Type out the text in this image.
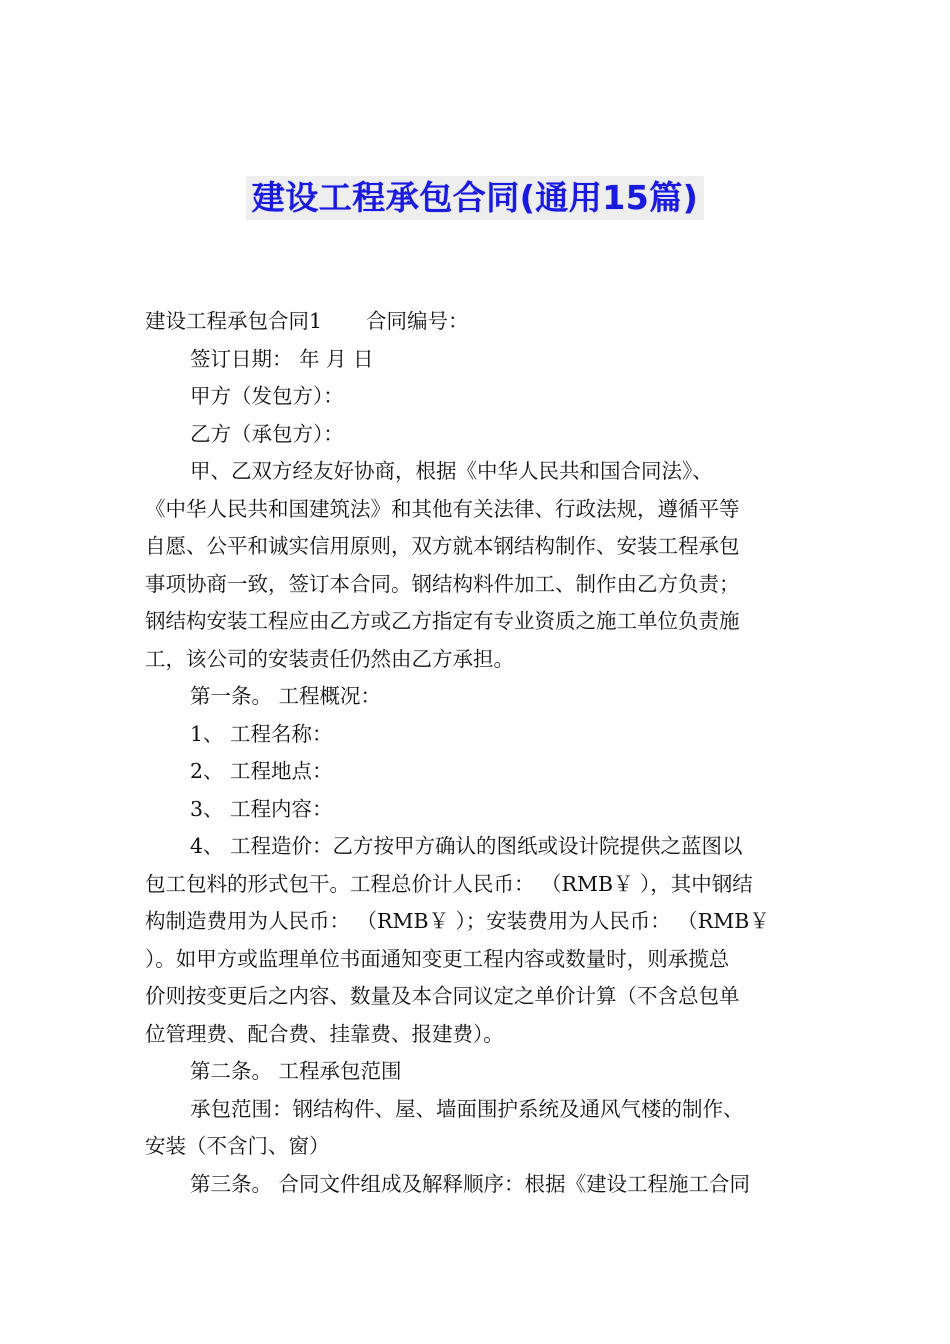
建设工程承包合同(通用15篇)
建设工程承包合同1 合同编号：
签订日期： 年 月 日
甲方（发包方）：
乙方（承包方）：
甲、乙双方经友好协商，根据《中华人民共和国合同法》、
《中华人民共和国建筑法》和其他有关法律、行政法规，遵循平等
自愿、公平和诚实信用原则，双方就本钢结构制作、安装工程承包
事项协商一致，签订本合同。钢结构料件加工、制作由乙方负责；
钢结构安装工程应由乙方或乙方指定有专业资质之施工单位负责施
工，该公司的安装责任仍然由乙方承担。
第一条。 工程概况：
1、 工程名称：
2、 工程地点：
3、 工程内容：
4、 工程造价：乙方按甲方确认的图纸或设计院提供之蓝图以
包工包料的形式包干。工程总价计人民币： （RMB￥ ），其中钢结
构制造费用为人民币： （RMB￥ ）；安装费用为人民币： （RMB￥
）。如甲方或监理单位书面通知变更工程内容或数量时，则承揽总
价则按变更后之内容、数量及本合同议定之单价计算（不含总包单
位管理费、配合费、挂靠费、报建费）。
第二条。 工程承包范围
承包范围：钢结构件、屋、墙面围护系统及通风气楼的制作、
安装（不含门、窗）
第三条。 合同文件组成及解释顺序：根据《建设工程施工合同
